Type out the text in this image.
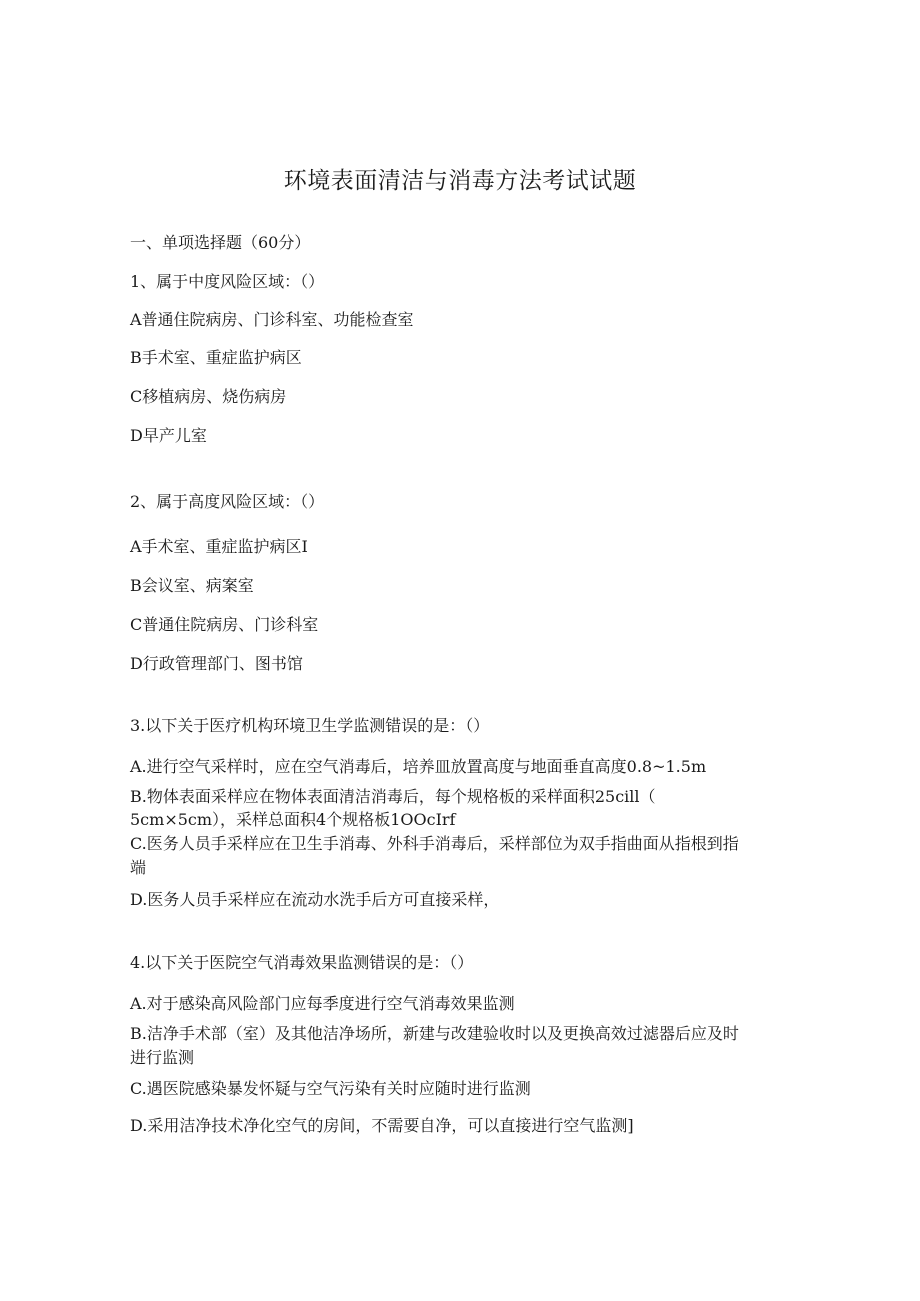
环境表面清洁与消毒方法考试试题
一、单项选择题（60分）
1、属于中度风险区域：（）
A普通住院病房、门诊科室、功能检查室
B手术室、重症监护病区
C移植病房、烧伤病房
D早产儿室
2、属于高度风险区域：（）
A手术室、重症监护病区I
B会议室、病案室
C普通住院病房、门诊科室
D行政管理部门、图书馆
3.以下关于医疗机构环境卫生学监测错误的是：（）
A.进行空气采样时，应在空气消毒后，培养皿放置高度与地面垂直高度0.8~1.5m
B.物体表面采样应在物体表面清洁消毒后，每个规格板的采样面积25cill（
5cm×5cm），采样总面积4个规格板1OOcIrf
C.医务人员手采样应在卫生手消毒、外科手消毒后，采样部位为双手指曲面从指根到指
端
D.医务人员手采样应在流动水洗手后方可直接采样，
4.以下关于医院空气消毒效果监测错误的是：（）
A.对于感染高风险部门应每季度进行空气消毒效果监测
B.洁净手术部（室）及其他洁净场所，新建与改建验收时以及更换高效过滤器后应及时
进行监测
C.遇医院感染暴发怀疑与空气污染有关时应随时进行监测
D.采用洁净技术净化空气的房间，不需要自净，可以直接进行空气监测]
